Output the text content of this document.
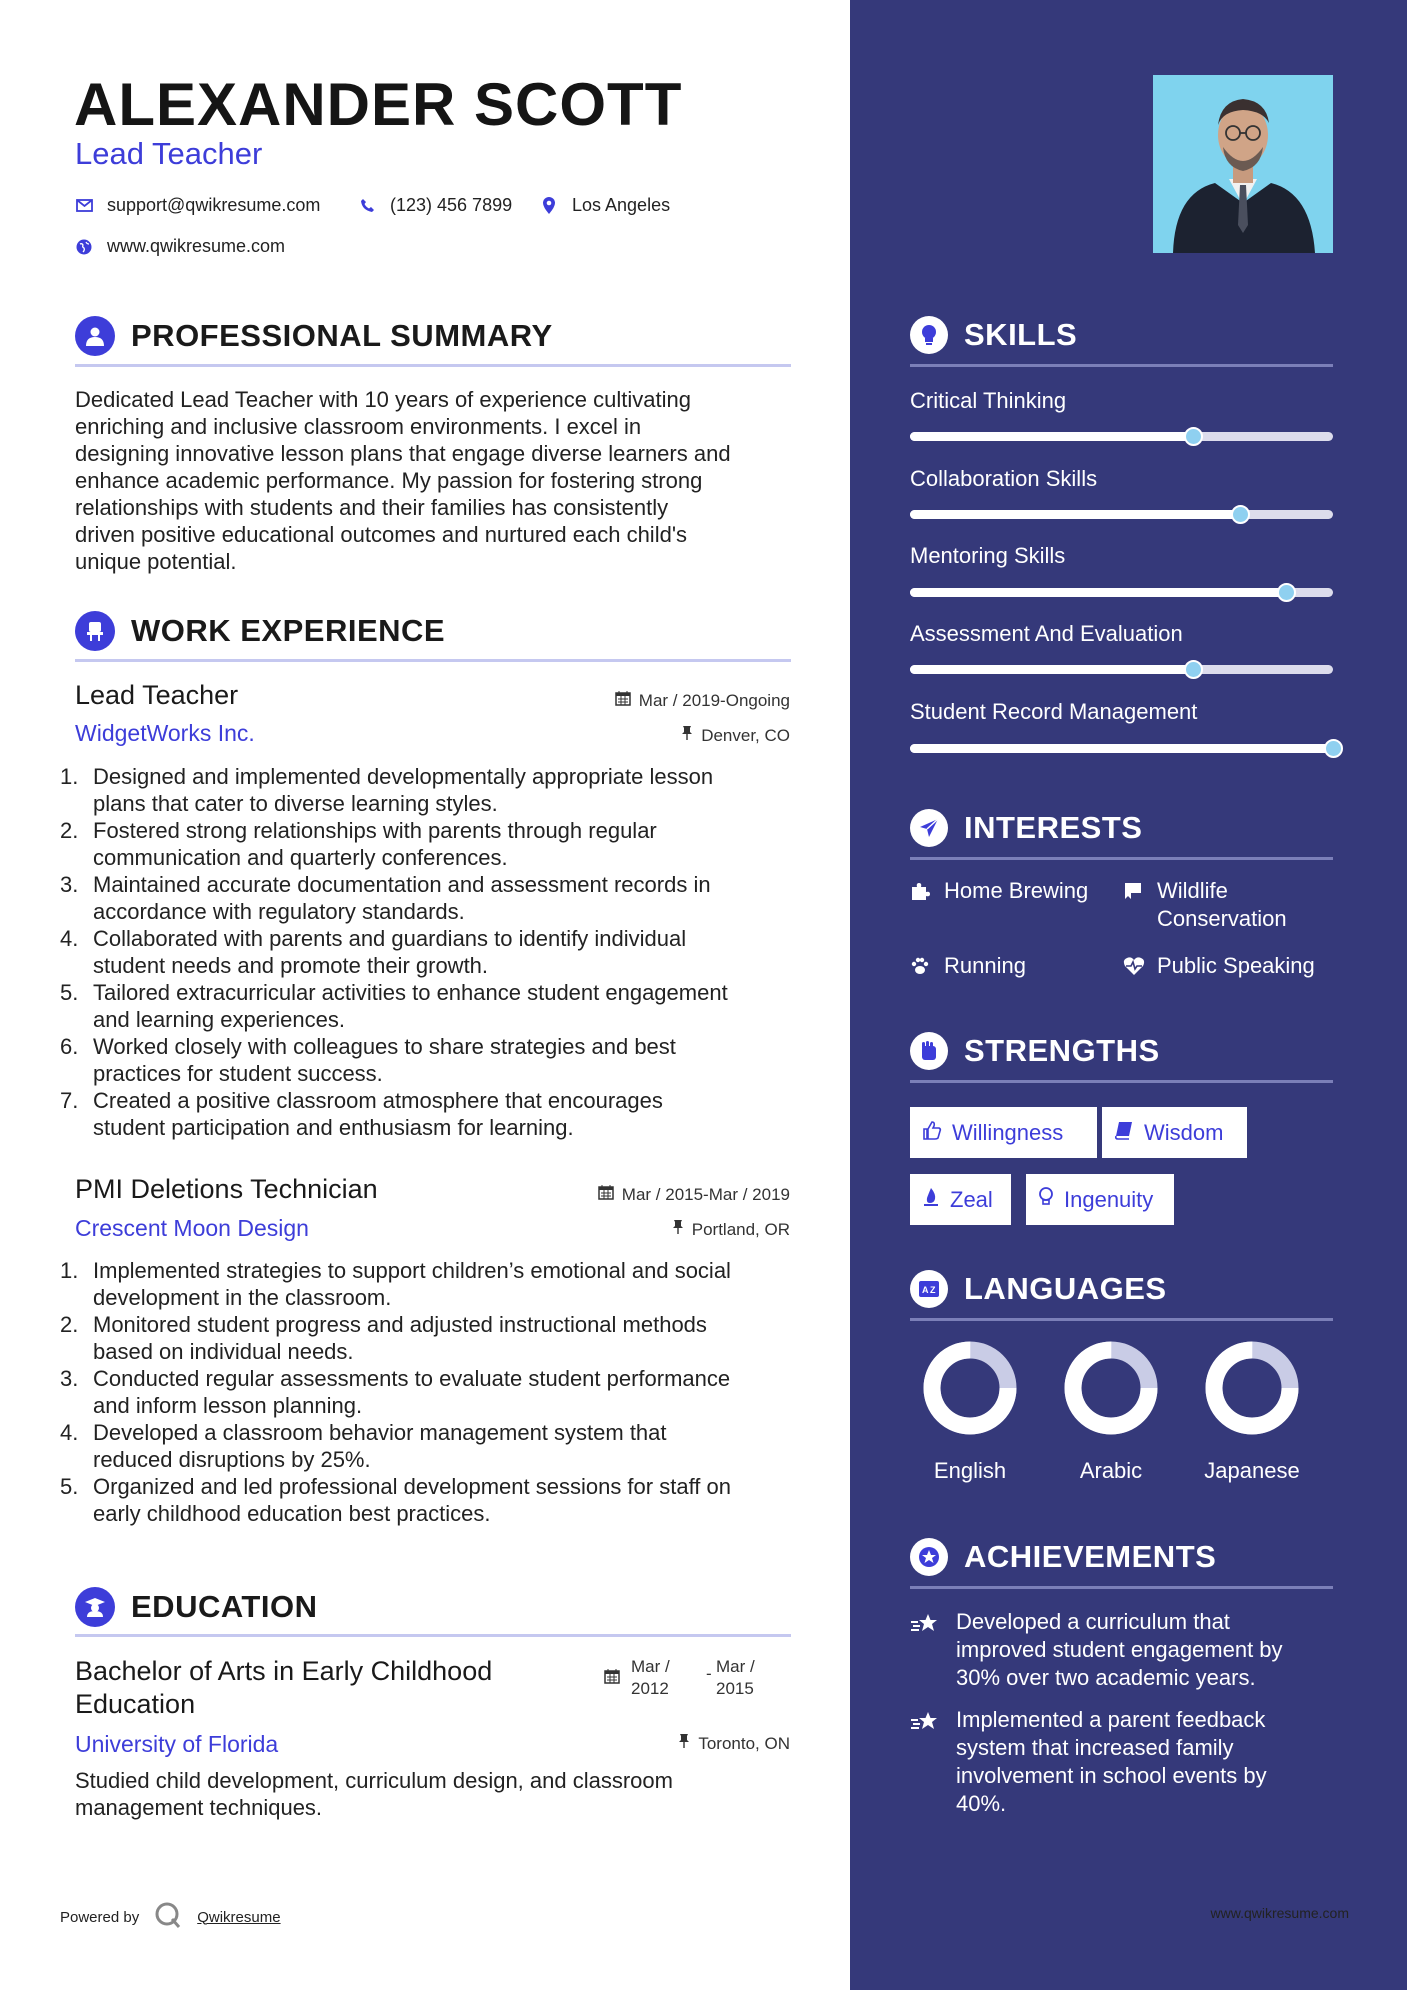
ALEXANDER SCOTT
Lead Teacher
support@qwikresume.com	(123) 456 7899	Los Angeles
www.qwikresume.com
PROFESSIONAL SUMMARY
Dedicated Lead Teacher with 10 years of experience cultivating
enriching and inclusive classroom environments. I excel in
designing innovative lesson plans that engage diverse learners and
enhance academic performance. My passion for fostering strong
relationships with students and their families has consistently
driven positive educational outcomes and nurtured each child's
unique potential.
WORK EXPERIENCE
Lead Teacher	Mar / 2019-Ongoing
WidgetWorks Inc.	Denver, CO
1. Designed and implemented developmentally appropriate lesson
plans that cater to diverse learning styles.
2. Fostered strong relationships with parents through regular
communication and quarterly conferences.
3. Maintained accurate documentation and assessment records in
accordance with regulatory standards.
4. Collaborated with parents and guardians to identify individual
student needs and promote their growth.
5. Tailored extracurricular activities to enhance student engagement
and learning experiences.
6. Worked closely with colleagues to share strategies and best
practices for student success.
7. Created a positive classroom atmosphere that encourages
student participation and enthusiasm for learning.
PMI Deletions Technician	Mar / 2015-Mar / 2019
Crescent Moon Design	Portland, OR
1. Implemented strategies to support children’s emotional and social
development in the classroom.
2. Monitored student progress and adjusted instructional methods
based on individual needs.
3. Conducted regular assessments to evaluate student performance
and inform lesson planning.
4. Developed a classroom behavior management system that
reduced disruptions by 25%.
5. Organized and led professional development sessions for staff on
early childhood education best practices.
EDUCATION
Bachelor of Arts in Early Childhood
Education
Mar /
2012
- Mar /
2015
University of Florida	Toronto, ON
Studied child development, curriculum design, and classroom
management techniques.
Powered by	Qwikresume
SKILLS
Critical Thinking
Collaboration Skills
Mentoring Skills
Assessment And Evaluation
Student Record Management
INTERESTS
Home Brewing	Wildlife
Conservation
Running	Public Speaking
STRENGTHS
Willingness	Wisdom
Zeal	Ingenuity
A Z LANGUAGES
English	Arabic	Japanese
ACHIEVEMENTS
Developed a curriculum that
improved student engagement by
30% over two academic years.
Implemented a parent feedback
system that increased family
involvement in school events by
40%.
www.qwikresume.com
